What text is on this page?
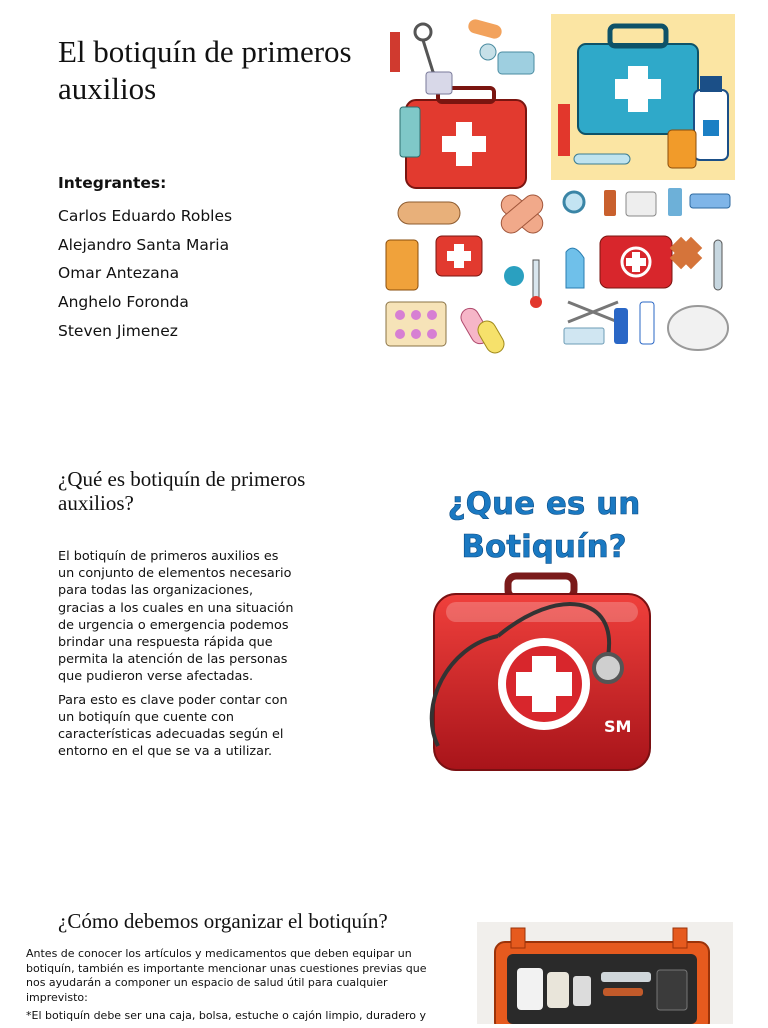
El botiquín de primeros auxilios
Integrantes:
Carlos Eduardo Robles
Alejandro Santa Maria
Omar Antezana
Anghelo Foronda
Steven Jimenez
¿Qué es botiquín de primeros auxilios?

El botiquín de primeros auxilios es un conjunto de elementos necesario para todas las organizaciones, gracias a los cuales en una situación de urgencia o emergencia podemos brindar una respuesta rápida que permita la atención de las personas que pudieron verse afectadas.

Para esto es clave poder contar con un botiquín que cuente con características adecuadas según el entorno en el que se va a utilizar.

¿Que es un
Botiquín?
SM
¿Cómo debemos organizar el botiquín?

Antes de conocer los artículos y medicamentos que deben equipar un botiquín, también es importante mencionar unas cuestiones previas que nos ayudarán a componer un espacio de salud útil para cualquier imprevisto:

*El botiquín debe ser una caja, bolsa, estuche o cajón limpio, duradero y
